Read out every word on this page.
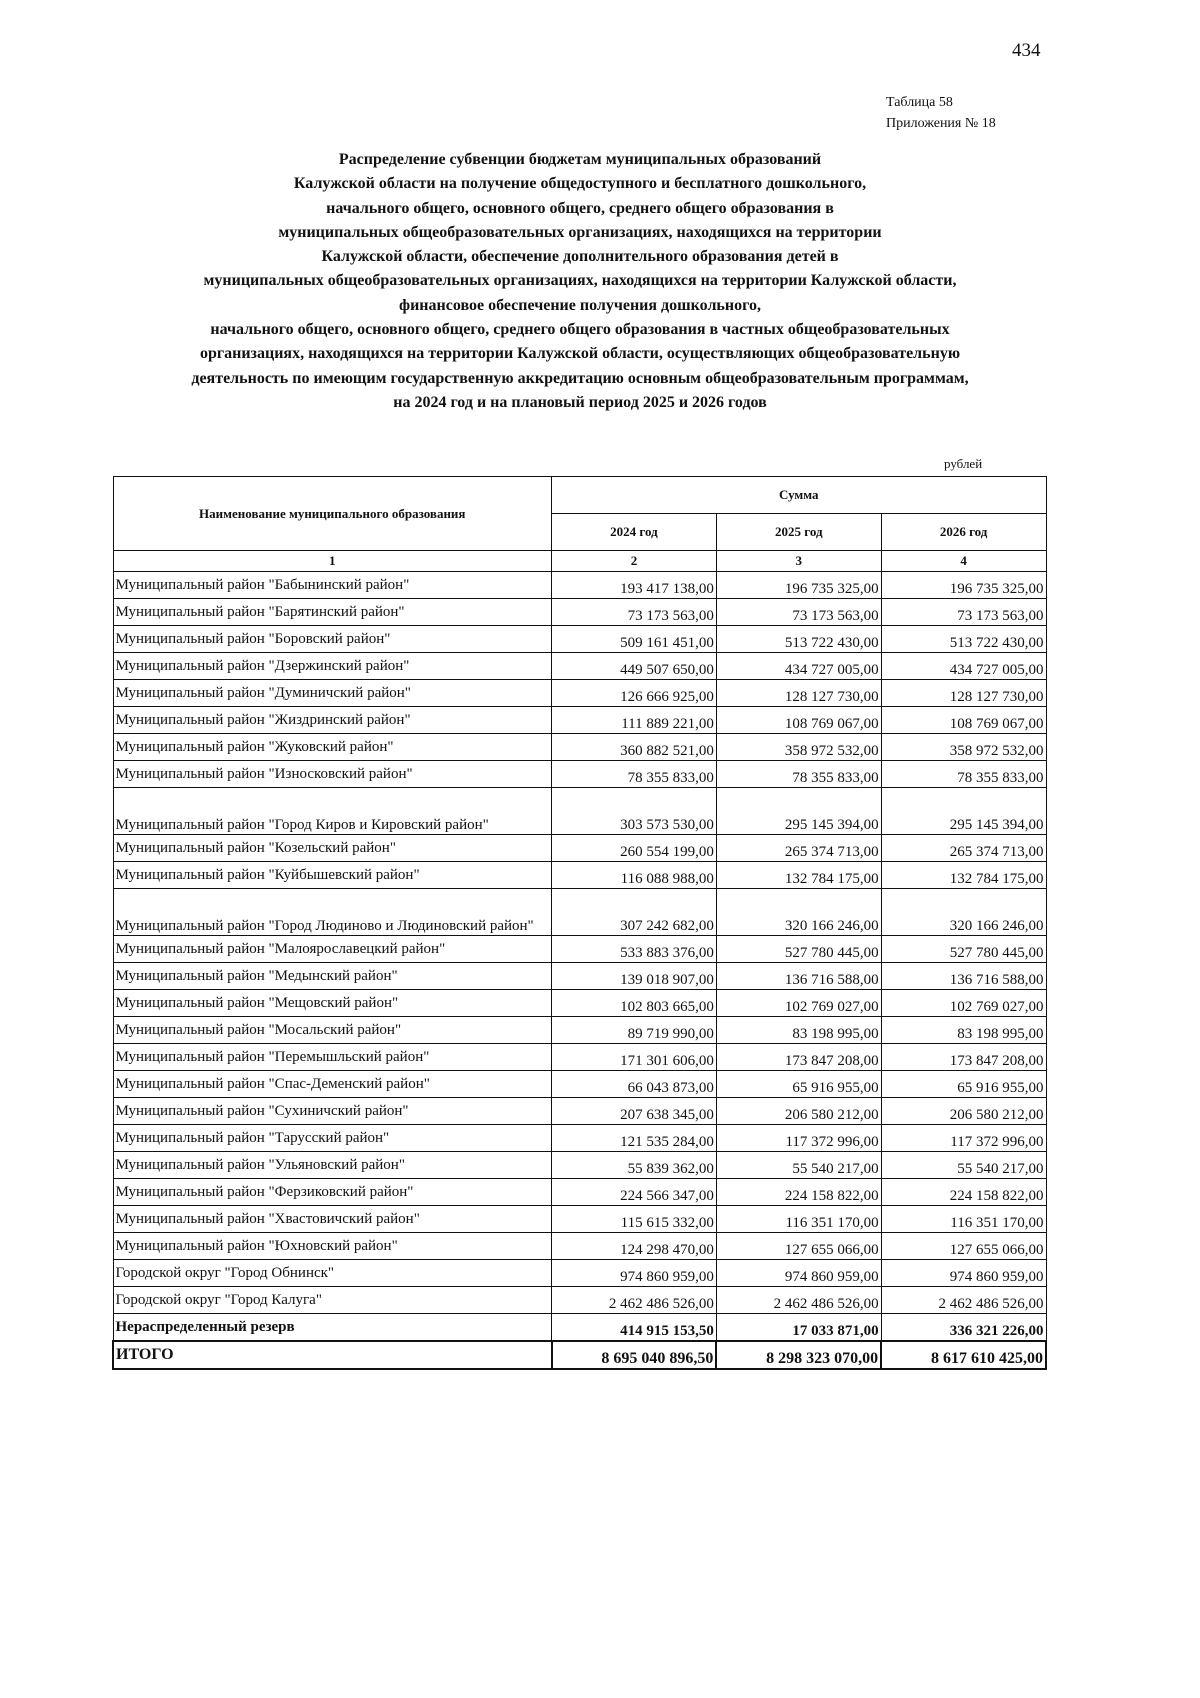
434
Таблица 58
Приложения № 18
Распределение субвенции бюджетам муниципальных образований
Калужской области на получение общедоступного и бесплатного дошкольного,
начального общего, основного общего, среднего общего образования в
муниципальных общеобразовательных организациях, находящихся на территории
Калужской области, обеспечение дополнительного образования детей в
муниципальных общеобразовательных организациях, находящихся на территории Калужской области,
финансовое обеспечение получения дошкольного,
начального общего, основного общего, среднего общего образования в частных общеобразовательных
организациях, находящихся на территории Калужской области, осуществляющих общеобразовательную
деятельность по имеющим государственную аккредитацию основным общеобразовательным программам,
на 2024 год и на плановый период 2025 и 2026 годов
рублей
Наименование муниципального образования	Сумма		
	2024 год	2025 год	2026 год
1	2	3	4
Муниципальный район "Бабынинский район"	193 417 138,00	196 735 325,00	196 735 325,00
Муниципальный район "Барятинский район"	73 173 563,00	73 173 563,00	73 173 563,00
Муниципальный район "Боровский район"	509 161 451,00	513 722 430,00	513 722 430,00
Муниципальный район "Дзержинский район"	449 507 650,00	434 727 005,00	434 727 005,00
Муниципальный район "Думиничский район"	126 666 925,00	128 127 730,00	128 127 730,00
Муниципальный район "Жиздринский район"	111 889 221,00	108 769 067,00	108 769 067,00
Муниципальный район "Жуковский район"	360 882 521,00	358 972 532,00	358 972 532,00
Муниципальный район "Износковский район"	78 355 833,00	78 355 833,00	78 355 833,00
Муниципальный район "Город Киров и Кировский район"	303 573 530,00	295 145 394,00	295 145 394,00
Муниципальный район "Козельский район"	260 554 199,00	265 374 713,00	265 374 713,00
Муниципальный район "Куйбышевский район"	116 088 988,00	132 784 175,00	132 784 175,00
Муниципальный район "Город Людиново и Людиновский район"	307 242 682,00	320 166 246,00	320 166 246,00
Муниципальный район "Малоярославецкий район"	533 883 376,00	527 780 445,00	527 780 445,00
Муниципальный район "Медынский район"	139 018 907,00	136 716 588,00	136 716 588,00
Муниципальный район "Мещовский район"	102 803 665,00	102 769 027,00	102 769 027,00
Муниципальный район "Мосальский район"	89 719 990,00	83 198 995,00	83 198 995,00
Муниципальный район "Перемышльский район"	171 301 606,00	173 847 208,00	173 847 208,00
Муниципальный район "Спас-Деменский район"	66 043 873,00	65 916 955,00	65 916 955,00
Муниципальный район "Сухиничский район"	207 638 345,00	206 580 212,00	206 580 212,00
Муниципальный район "Тарусский район"	121 535 284,00	117 372 996,00	117 372 996,00
Муниципальный район "Ульяновский район"	55 839 362,00	55 540 217,00	55 540 217,00
Муниципальный район "Ферзиковский район"	224 566 347,00	224 158 822,00	224 158 822,00
Муниципальный район "Хвастовичский район"	115 615 332,00	116 351 170,00	116 351 170,00
Муниципальный район "Юхновский район"	124 298 470,00	127 655 066,00	127 655 066,00
Городской округ "Город Обнинск"	974 860 959,00	974 860 959,00	974 860 959,00
Городской округ "Город Калуга"	2 462 486 526,00	2 462 486 526,00	2 462 486 526,00
Нераспределенный резерв	414 915 153,50	17 033 871,00	336 321 226,00
ИТОГО	8 695 040 896,50	8 298 323 070,00	8 617 610 425,00
